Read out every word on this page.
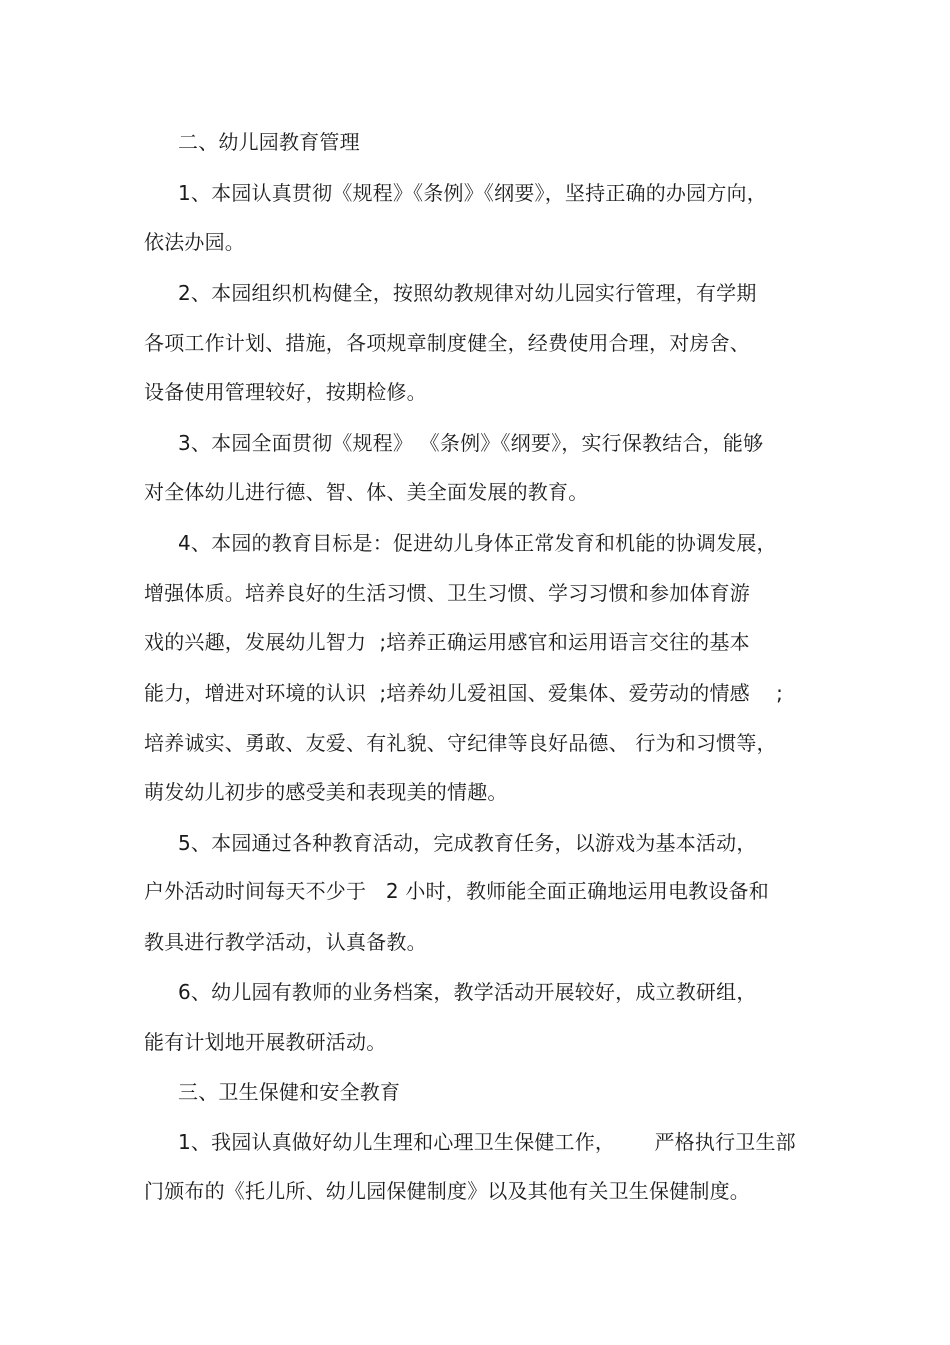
二、幼儿园教育管理
1、本园认真贯彻《规程》《条例》《纲要》，坚持正确的办园方向，
依法办园。
2、本园组织机构健全，按照幼教规律对幼儿园实行管理，有学期
各项工作计划、措施，各项规章制度健全，经费使用合理，对房舍、
设备使用管理较好，按期检修。
3、本园全面贯彻《规程》 《条例》《纲要》，实行保教结合，能够
对全体幼儿进行德、智、体、美全面发展的教育。
4、本园的教育目标是：促进幼儿身体正常发育和机能的协调发展，
增强体质。培养良好的生活习惯、卫生习惯、学习习惯和参加体育游
戏的兴趣，发展幼儿智力  ;培养正确运用感官和运用语言交往的基本
能力，增进对环境的认识  ;培养幼儿爱祖国、爱集体、爱劳动的情感    ;
培养诚实、勇敢、友爱、有礼貌、守纪律等良好品德、 行为和习惯等，
萌发幼儿初步的感受美和表现美的情趣。
5、本园通过各种教育活动，完成教育任务，以游戏为基本活动，
户外活动时间每天不少于   2 小时，教师能全面正确地运用电教设备和
教具进行教学活动，认真备教。
6、幼儿园有教师的业务档案，教学活动开展较好，成立教研组，
能有计划地开展教研活动。
三、卫生保健和安全教育
1、我园认真做好幼儿生理和心理卫生保健工作，      严格执行卫生部
门颁布的《托儿所、幼儿园保健制度》以及其他有关卫生保健制度。
